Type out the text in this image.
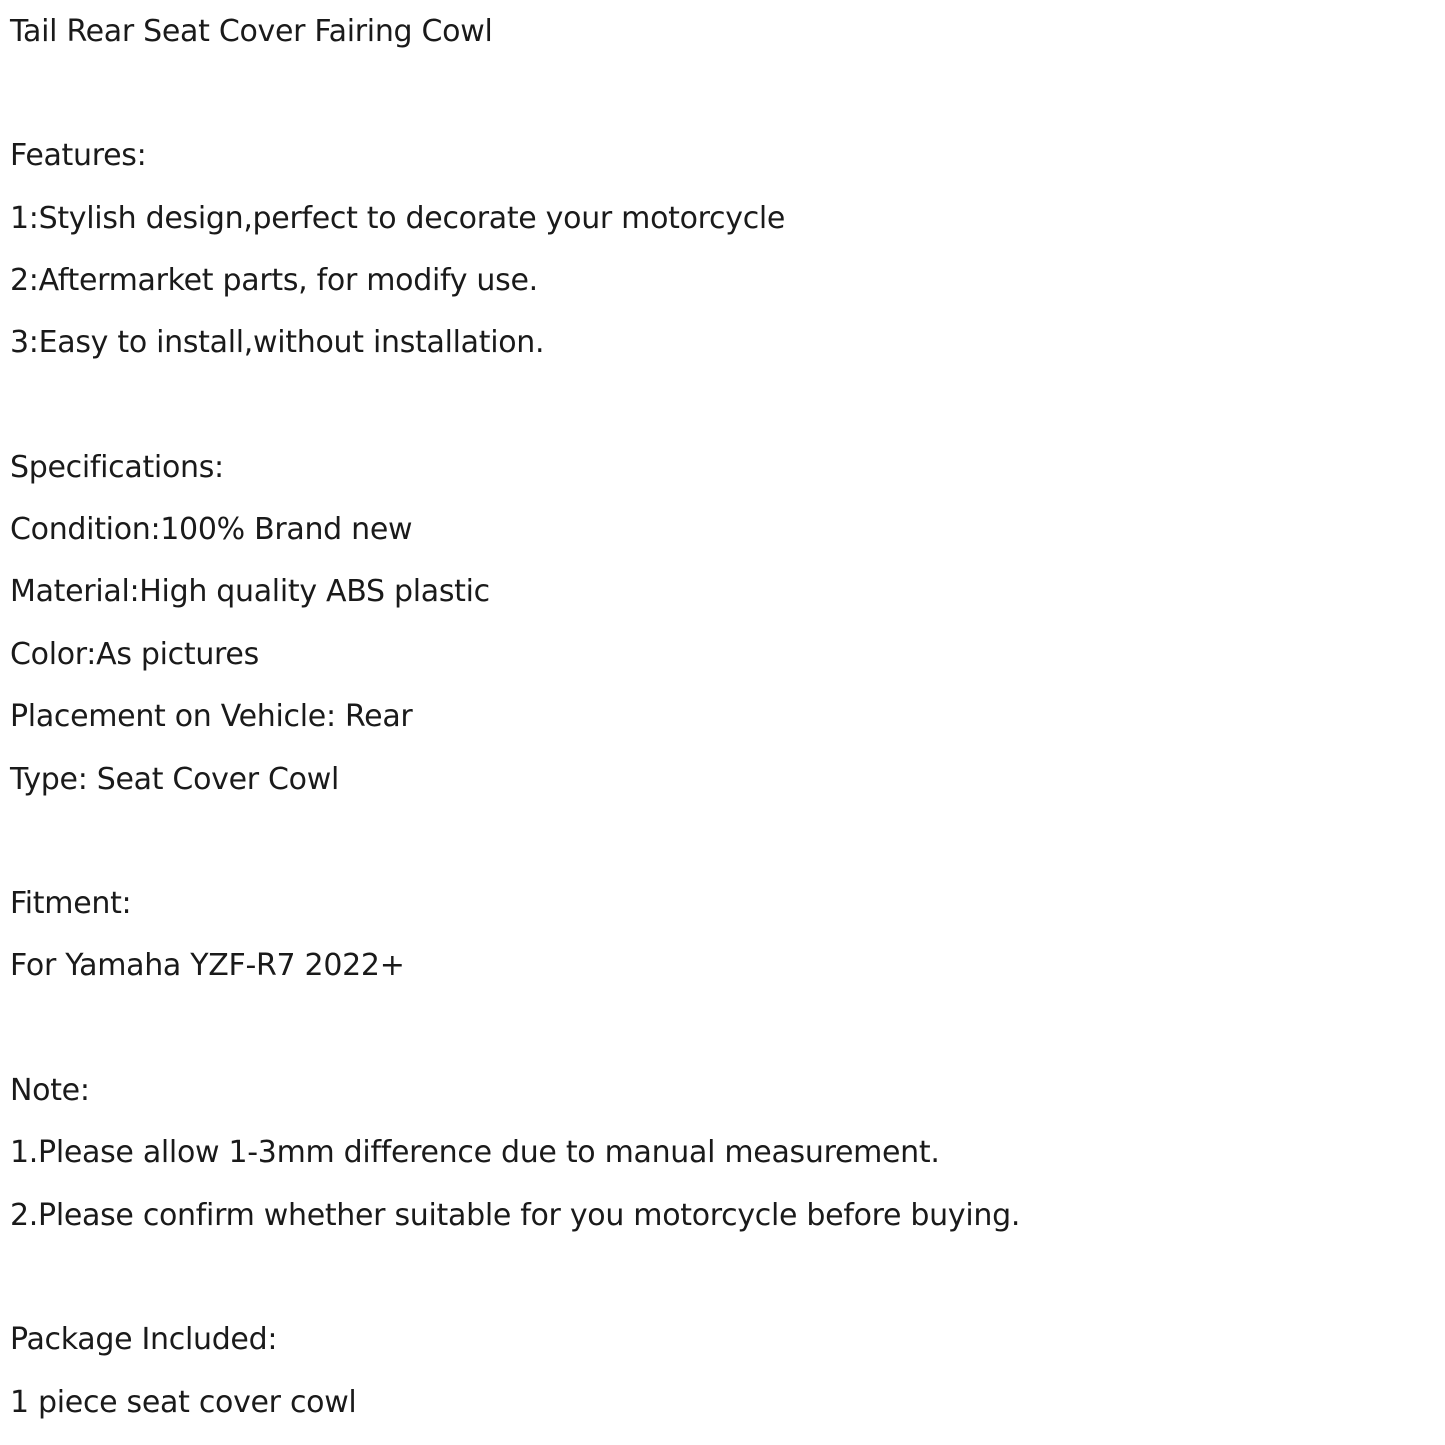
Tail Rear Seat Cover Fairing Cowl
Features:
1:Stylish design,perfect to decorate your motorcycle
2:Aftermarket parts, for modify use.
3:Easy to install,without installation.
Specifications:
Condition:100% Brand new
Material:High quality ABS plastic
Color:As pictures
Placement on Vehicle: Rear
Type: Seat Cover Cowl
Fitment:
For Yamaha YZF-R7 2022+
Note:
1.Please allow 1-3mm difference due to manual measurement.
2.Please confirm whether suitable for you motorcycle before buying.
Package Included:
1 piece seat cover cowl
